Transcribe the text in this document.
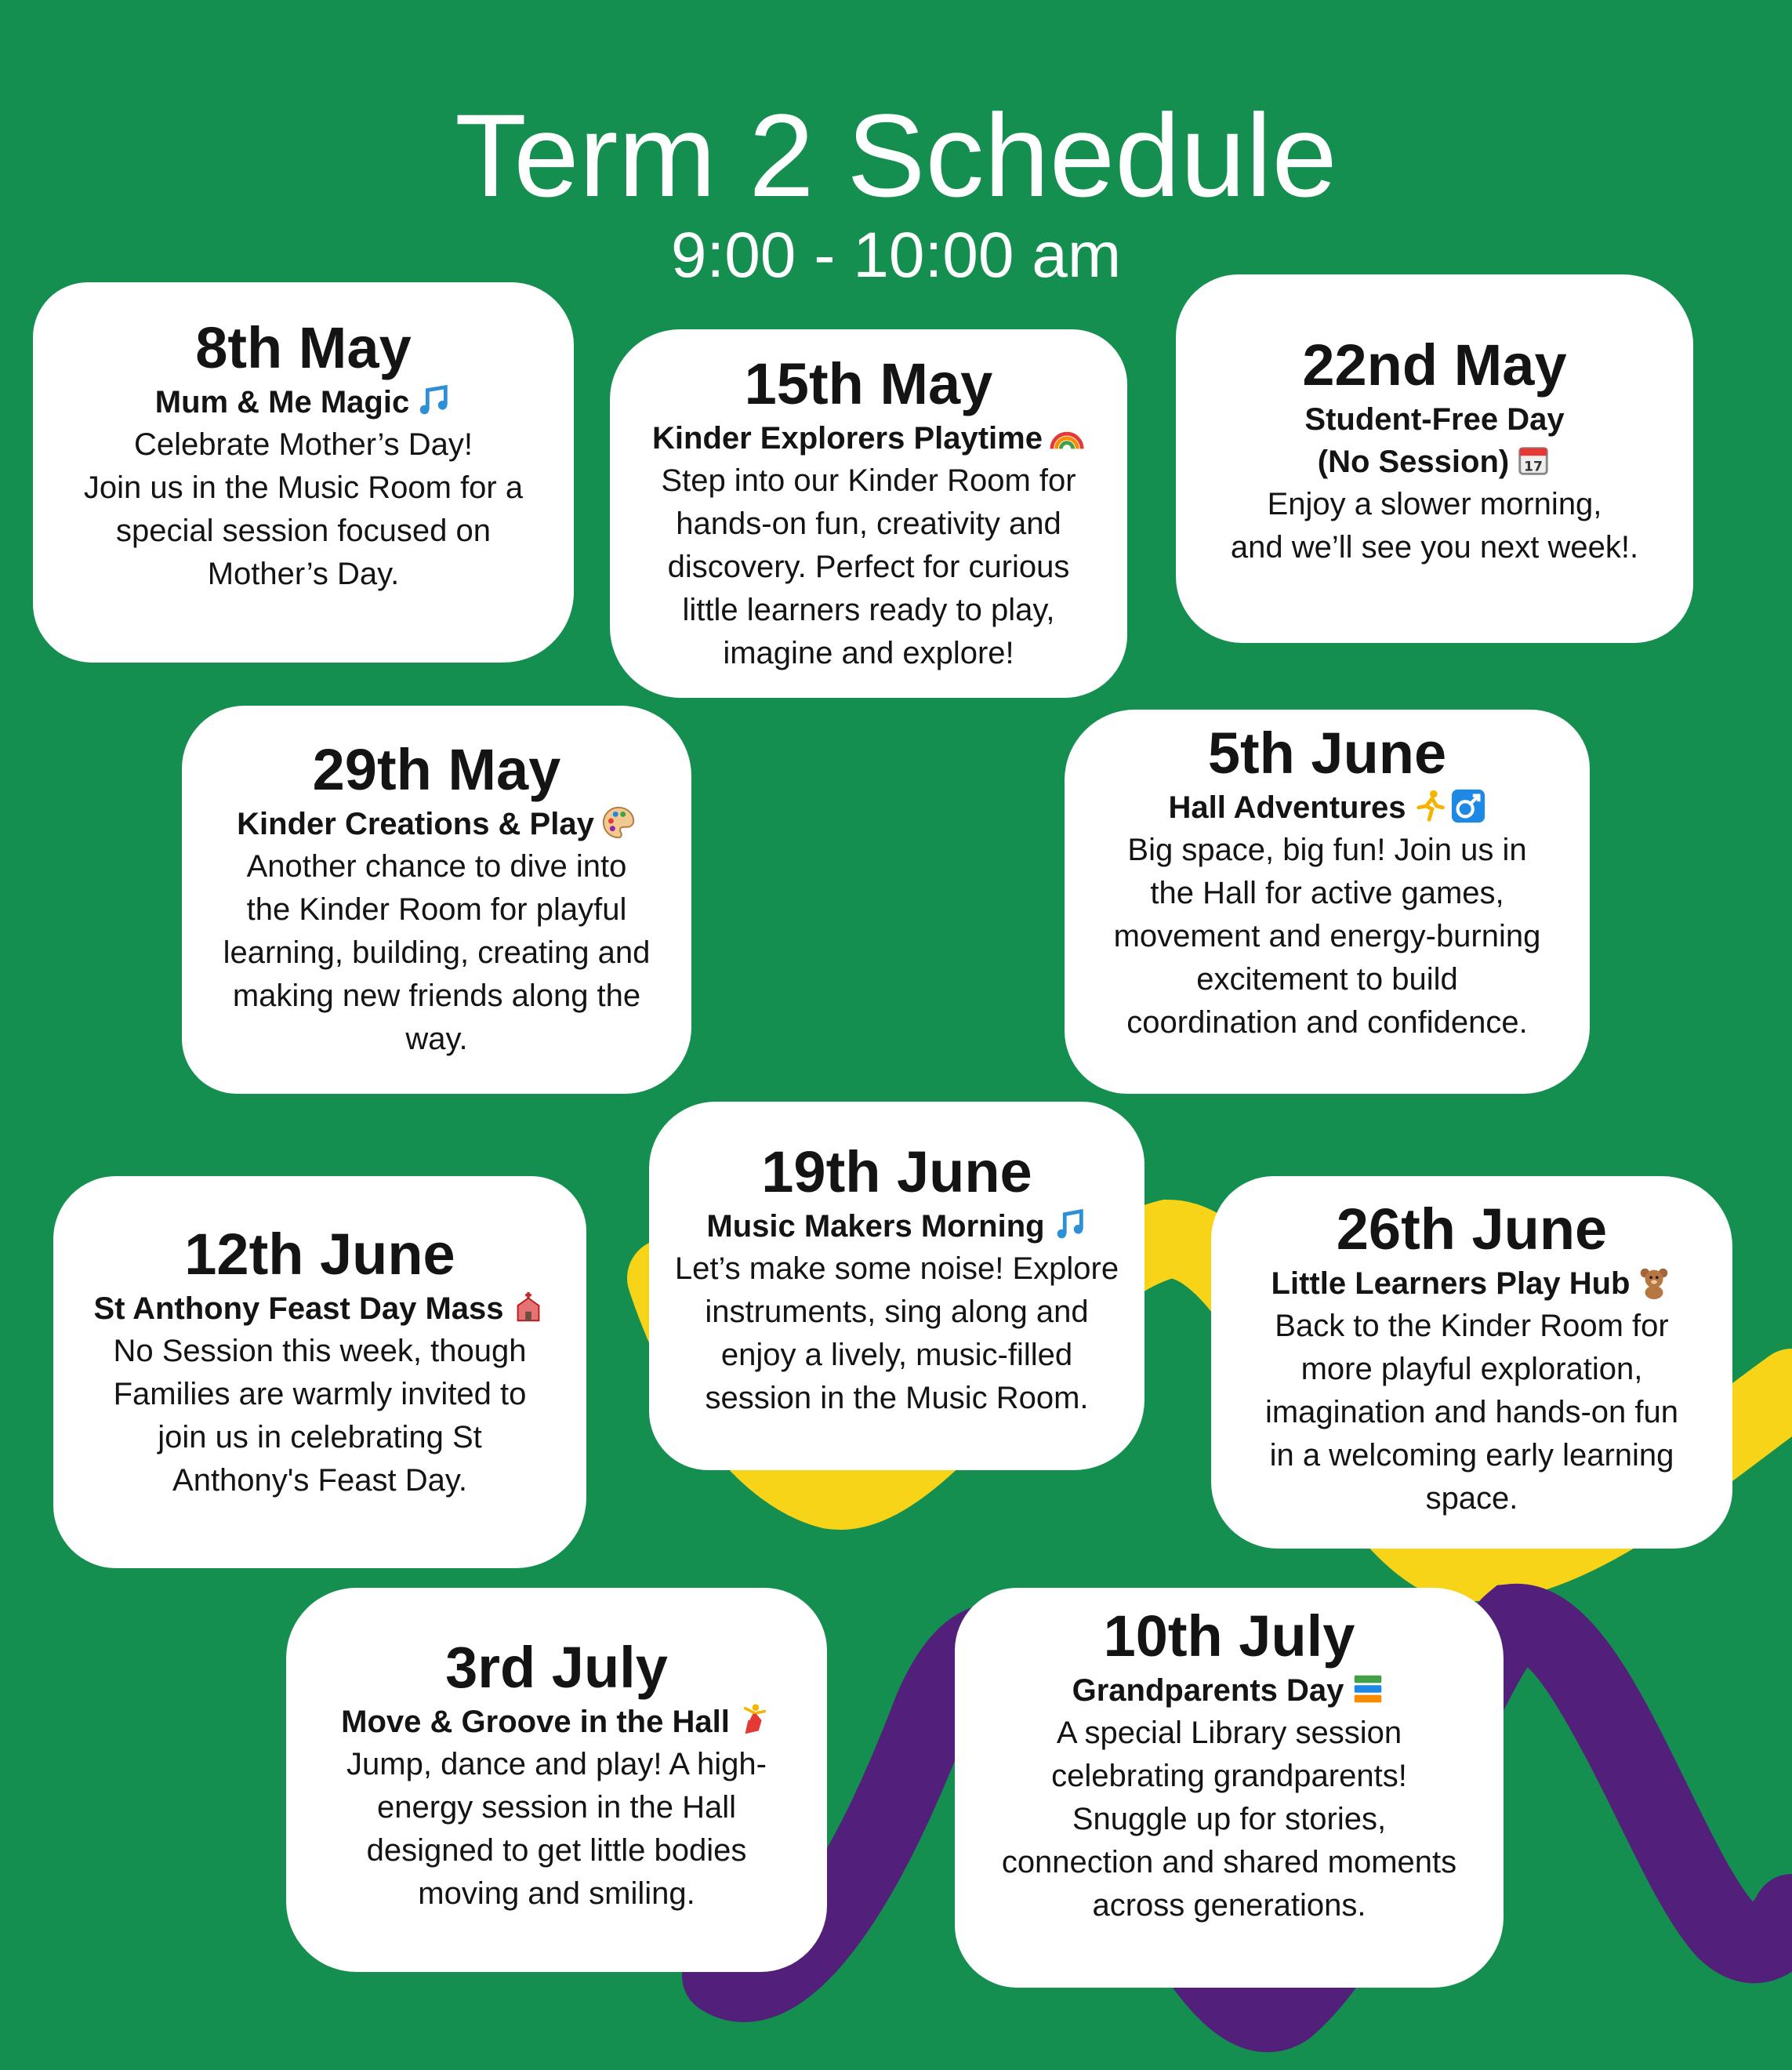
Term 2 Schedule
9:00 - 10:00 am
8th May
Mum & Me Magic
Celebrate Mother’s Day!
Join us in the Music Room for a
special session focused on
Mother’s Day.
15th May
Kinder Explorers Playtime
Step into our Kinder Room for
hands-on fun, creativity and
discovery. Perfect for curious
little learners ready to play,
imagine and explore!
22nd May
Student-Free Day
(No Session) 17
Enjoy a slower morning,
and we’ll see you next week!.
29th May
Kinder Creations & Play
Another chance to dive into
the Kinder Room for playful
learning, building, creating and
making new friends along the
way.
5th June
Hall Adventures
Big space, big fun! Join us in
the Hall for active games,
movement and energy-burning
excitement to build
coordination and confidence.
12th June
St Anthony Feast Day Mass
No Session this week, though
Families are warmly invited to
join us in celebrating St
Anthony's Feast Day.
19th June
Music Makers Morning
Let’s make some noise! Explore
instruments, sing along and
enjoy a lively, music-filled
session in the Music Room.
26th June
Little Learners Play Hub
Back to the Kinder Room for
more playful exploration,
imagination and hands-on fun
in a welcoming early learning
space.
3rd July
Move & Groove in the Hall
Jump, dance and play! A high-
energy session in the Hall
designed to get little bodies
moving and smiling.
10th July
Grandparents Day
A special Library session
celebrating grandparents!
Snuggle up for stories,
connection and shared moments
across generations.
